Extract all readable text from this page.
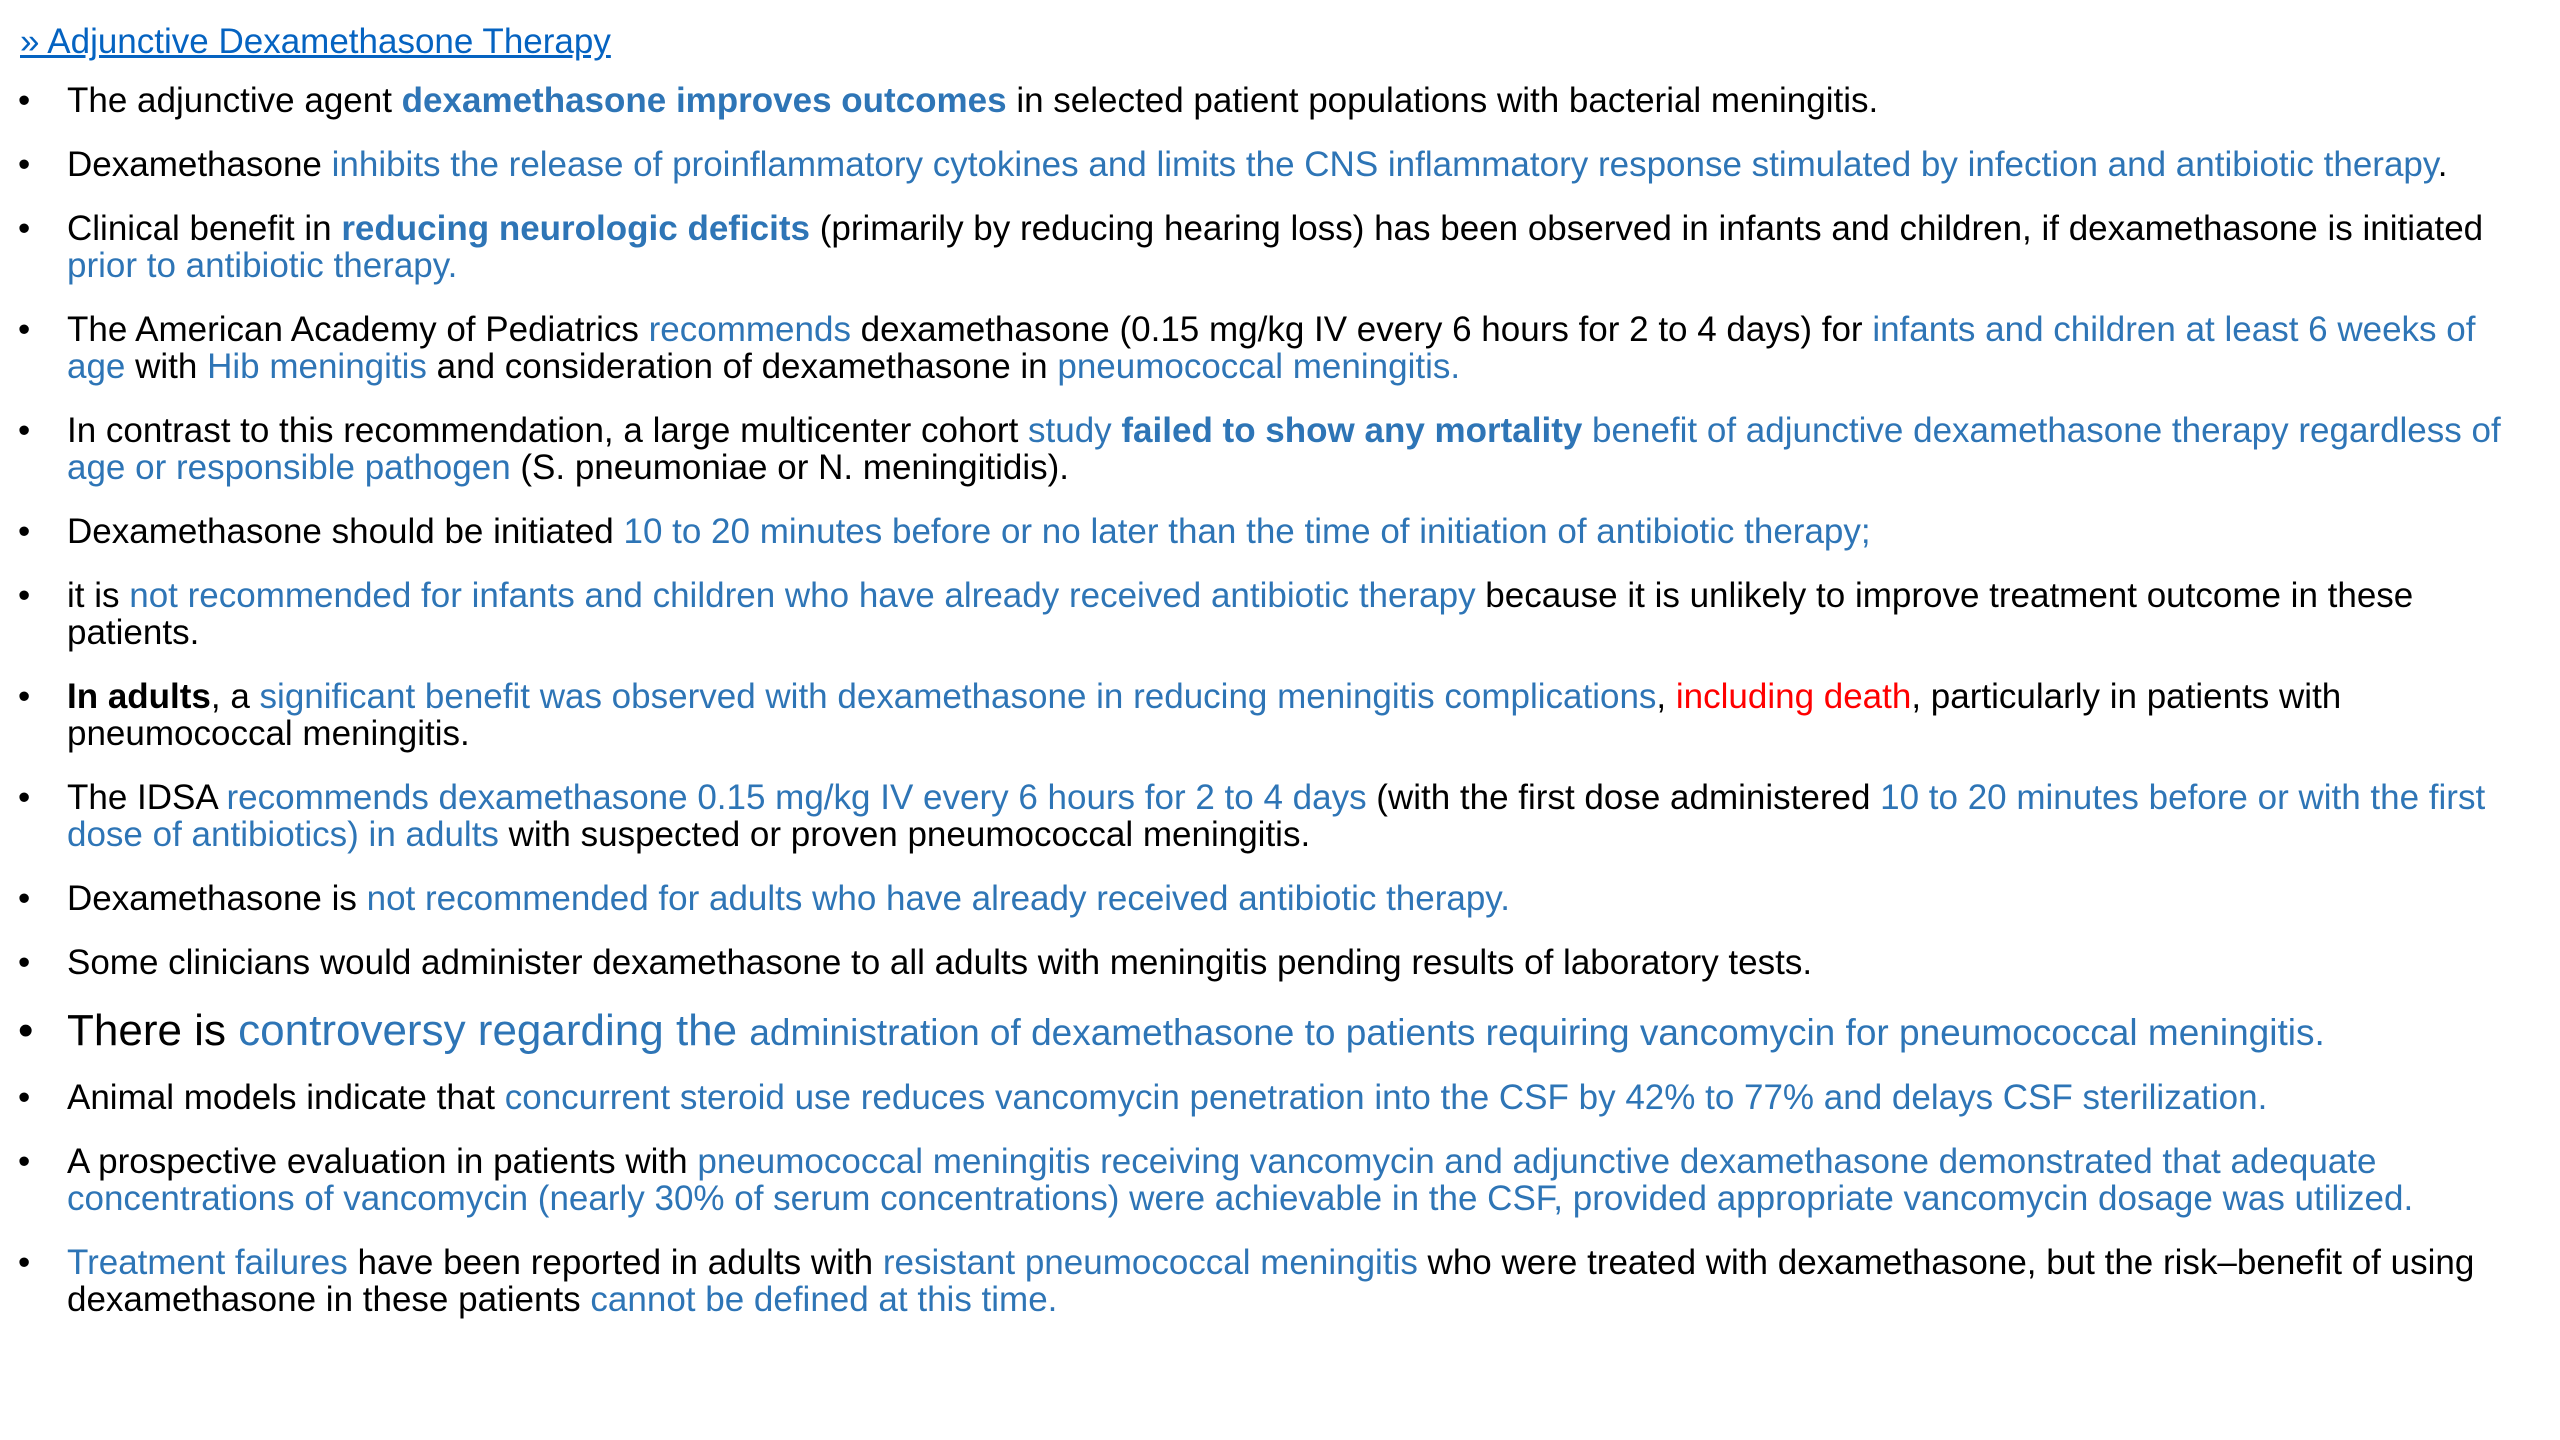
» Adjunctive Dexamethasone Therapy
• The adjunctive agent dexamethasone improves outcomes in selected patient populations with bacterial meningitis.
• Dexamethasone inhibits the release of proinflammatory cytokines and limits the CNS inflammatory response stimulated by infection and antibiotic therapy.
• Clinical benefit in reducing neurologic deficits (primarily by reducing hearing loss) has been observed in infants and children, if dexamethasone is initiated prior to antibiotic therapy.
• The American Academy of Pediatrics recommends dexamethasone (0.15 mg/kg IV every 6 hours for 2 to 4 days) for infants and children at least 6 weeks of age with Hib meningitis and consideration of dexamethasone in pneumococcal meningitis.
• In contrast to this recommendation, a large multicenter cohort study failed to show any mortality benefit of adjunctive dexamethasone therapy regardless of age or responsible pathogen (S. pneumoniae or N. meningitidis).
• Dexamethasone should be initiated 10 to 20 minutes before or no later than the time of initiation of antibiotic therapy;
• it is not recommended for infants and children who have already received antibiotic therapy because it is unlikely to improve treatment outcome in these patients.
• In adults, a significant benefit was observed with dexamethasone in reducing meningitis complications, including death, particularly in patients with pneumococcal meningitis.
• The IDSA recommends dexamethasone 0.15 mg/kg IV every 6 hours for 2 to 4 days (with the first dose administered 10 to 20 minutes before or with the first dose of antibiotics) in adults with suspected or proven pneumococcal meningitis.
• Dexamethasone is not recommended for adults who have already received antibiotic therapy.
• Some clinicians would administer dexamethasone to all adults with meningitis pending results of laboratory tests.
• There is controversy regarding the administration of dexamethasone to patients requiring vancomycin for pneumococcal meningitis.
• Animal models indicate that concurrent steroid use reduces vancomycin penetration into the CSF by 42% to 77% and delays CSF sterilization.
• A prospective evaluation in patients with pneumococcal meningitis receiving vancomycin and adjunctive dexamethasone demonstrated that adequate concentrations of vancomycin (nearly 30% of serum concentrations) were achievable in the CSF, provided appropriate vancomycin dosage was utilized.
• Treatment failures have been reported in adults with resistant pneumococcal meningitis who were treated with dexamethasone, but the risk–benefit of using dexamethasone in these patients cannot be defined at this time.
